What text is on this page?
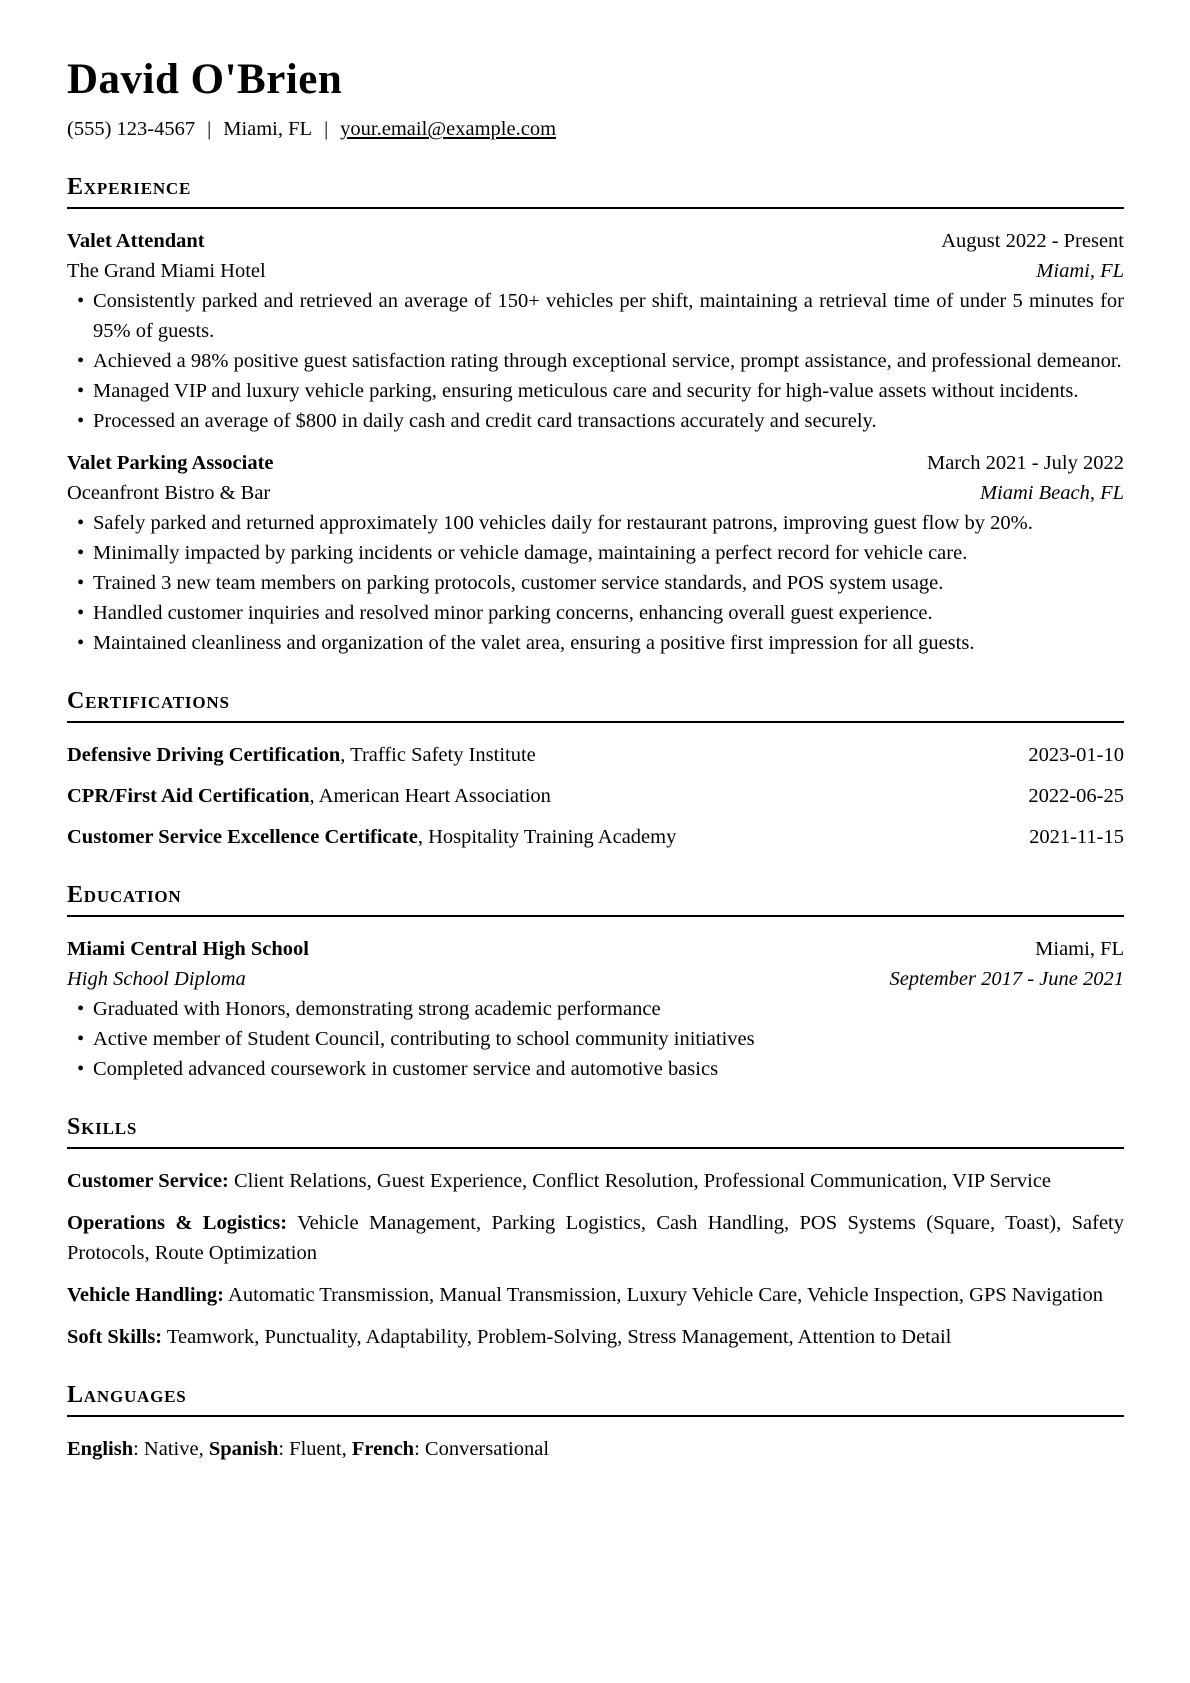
David O'Brien
(555) 123-4567 | Miami, FL | your.email@example.com
Experience
Valet Attendant	August 2022 - Present
The Grand Miami Hotel	Miami, FL
• Consistently parked and retrieved an average of 150+ vehicles per shift, maintaining a retrieval time of under 5 minutes for 95% of guests.
• Achieved a 98% positive guest satisfaction rating through exceptional service, prompt assistance, and professional demeanor.
• Managed VIP and luxury vehicle parking, ensuring meticulous care and security for high-value assets without incidents.
• Processed an average of $800 in daily cash and credit card transactions accurately and securely.
Valet Parking Associate	March 2021 - July 2022
Oceanfront Bistro & Bar	Miami Beach, FL
• Safely parked and returned approximately 100 vehicles daily for restaurant patrons, improving guest flow by 20%.
• Minimally impacted by parking incidents or vehicle damage, maintaining a perfect record for vehicle care.
• Trained 3 new team members on parking protocols, customer service standards, and POS system usage.
• Handled customer inquiries and resolved minor parking concerns, enhancing overall guest experience.
• Maintained cleanliness and organization of the valet area, ensuring a positive first impression for all guests.
Certifications
Defensive Driving Certification, Traffic Safety Institute	2023-01-10
CPR/First Aid Certification, American Heart Association	2022-06-25
Customer Service Excellence Certificate, Hospitality Training Academy	2021-11-15
Education
Miami Central High School	Miami, FL
High School Diploma	September 2017 - June 2021
• Graduated with Honors, demonstrating strong academic performance
• Active member of Student Council, contributing to school community initiatives
• Completed advanced coursework in customer service and automotive basics
Skills
Customer Service: Client Relations, Guest Experience, Conflict Resolution, Professional Communication, VIP Service
Operations & Logistics: Vehicle Management, Parking Logistics, Cash Handling, POS Systems (Square, Toast), Safety Protocols, Route Optimization
Vehicle Handling: Automatic Transmission, Manual Transmission, Luxury Vehicle Care, Vehicle Inspection, GPS Navigation
Soft Skills: Teamwork, Punctuality, Adaptability, Problem-Solving, Stress Management, Attention to Detail
Languages
English: Native, Spanish: Fluent, French: Conversational
